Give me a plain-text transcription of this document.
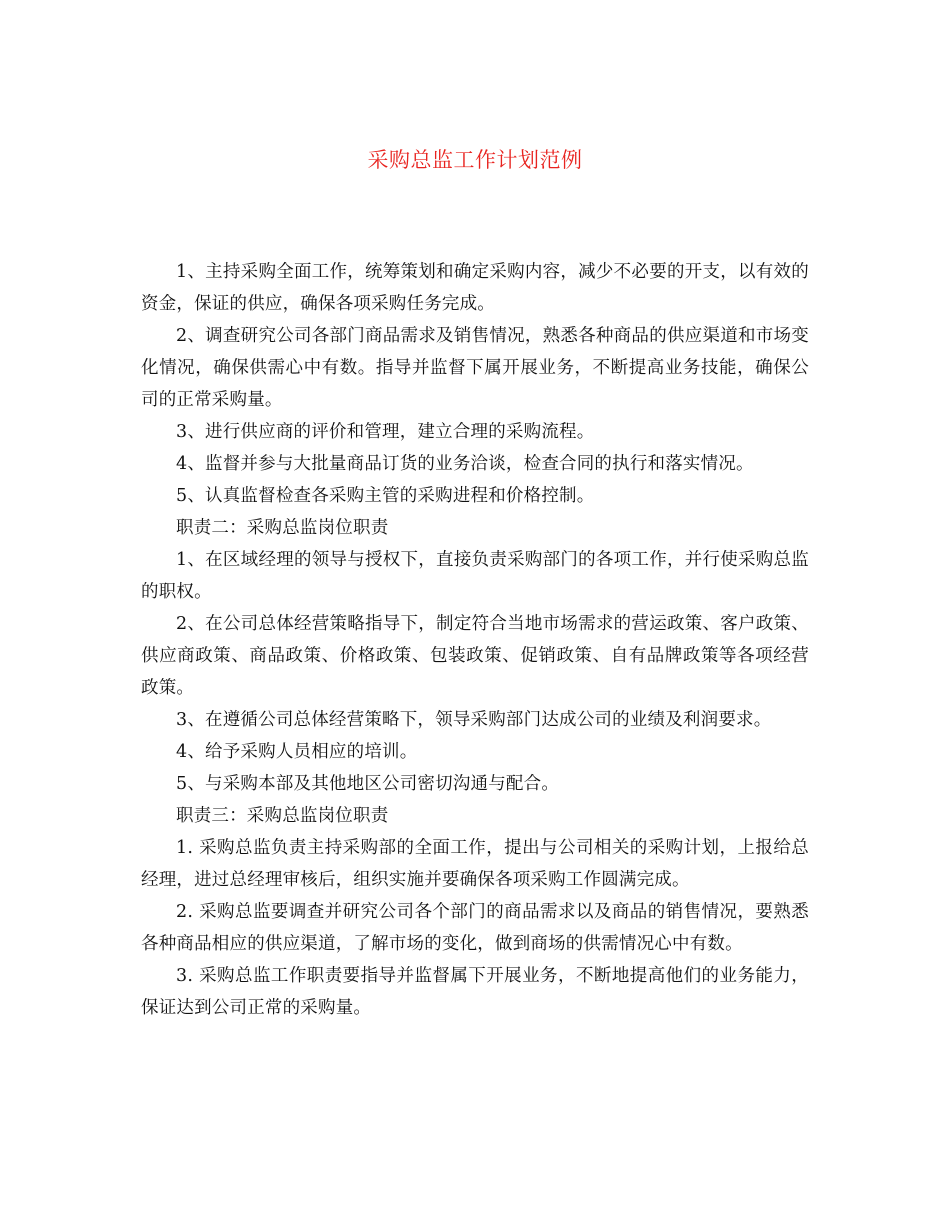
采购总监工作计划范例

1、主持采购全面工作，统筹策划和确定采购内容，减少不必要的开支，以有效的资金，保证的供应，确保各项采购任务完成。

2、调查研究公司各部门商品需求及销售情况，熟悉各种商品的供应渠道和市场变化情况，确保供需心中有数。指导并监督下属开展业务，不断提高业务技能，确保公司的正常采购量。

3、进行供应商的评价和管理，建立合理的采购流程。

4、监督并参与大批量商品订货的业务洽谈，检查合同的执行和落实情况。

5、认真监督检查各采购主管的采购进程和价格控制。

职责二：采购总监岗位职责

1、在区域经理的领导与授权下，直接负责采购部门的各项工作，并行使采购总监的职权。

2、在公司总体经营策略指导下，制定符合当地市场需求的营运政策、客户政策、供应商政策、商品政策、价格政策、包装政策、促销政策、自有品牌政策等各项经营政策。

3、在遵循公司总体经营策略下，领导采购部门达成公司的业绩及利润要求。

4、给予采购人员相应的培训。

5、与采购本部及其他地区公司密切沟通与配合。

职责三：采购总监岗位职责

1. 采购总监负责主持采购部的全面工作，提出与公司相关的采购计划，上报给总经理，进过总经理审核后，组织实施并要确保各项采购工作圆满完成。

2. 采购总监要调查并研究公司各个部门的商品需求以及商品的销售情况，要熟悉各种商品相应的供应渠道，了解市场的变化，做到商场的供需情况心中有数。

3. 采购总监工作职责要指导并监督属下开展业务，不断地提高他们的业务能力，保证达到公司正常的采购量。
